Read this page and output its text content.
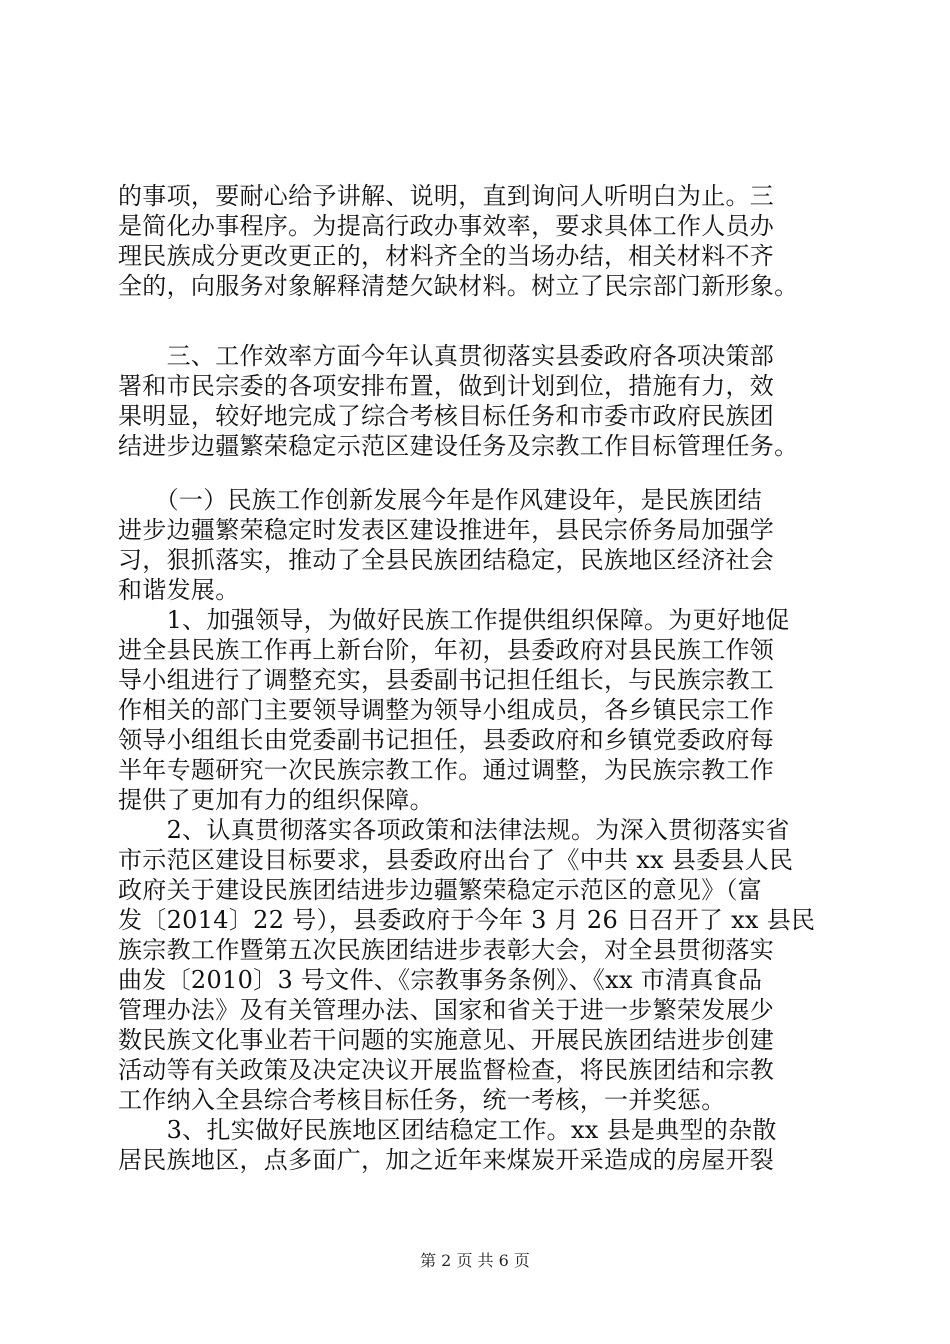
的事项，要耐心给予讲解、说明，直到询问人听明白为止。三
是简化办事程序。为提高行政办事效率，要求具体工作人员办
理民族成分更改更正的，材料齐全的当场办结，相关材料不齐
全的，向服务对象解释清楚欠缺材料。树立了民宗部门新形象。
　　三、工作效率方面今年认真贯彻落实县委政府各项决策部
署和市民宗委的各项安排布置，做到计划到位，措施有力，效
果明显，较好地完成了综合考核目标任务和市委市政府民族团
结进步边疆繁荣稳定示范区建设任务及宗教工作目标管理任务。
　　（一）民族工作创新发展今年是作风建设年，是民族团结
进步边疆繁荣稳定时发表区建设推进年，县民宗侨务局加强学
习，狠抓落实，推动了全县民族团结稳定，民族地区经济社会
和谐发展。
　　1、加强领导，为做好民族工作提供组织保障。为更好地促
进全县民族工作再上新台阶，年初，县委政府对县民族工作领
导小组进行了调整充实，县委副书记担任组长，与民族宗教工
作相关的部门主要领导调整为领导小组成员，各乡镇民宗工作
领导小组组长由党委副书记担任，县委政府和乡镇党委政府每
半年专题研究一次民族宗教工作。通过调整，为民族宗教工作
提供了更加有力的组织保障。
　　2、认真贯彻落实各项政策和法律法规。为深入贯彻落实省
市示范区建设目标要求，县委政府出台了《中共 xx 县委县人民
政府关于建设民族团结进步边疆繁荣稳定示范区的意见》（富
发〔2014〕22 号），县委政府于今年 3 月 26 日召开了 xx 县民
族宗教工作暨第五次民族团结进步表彰大会，对全县贯彻落实
曲发〔2010〕3 号文件、《宗教事务条例》、《xx 市清真食品
管理办法》及有关管理办法、国家和省关于进一步繁荣发展少
数民族文化事业若干问题的实施意见、开展民族团结进步创建
活动等有关政策及决定决议开展监督检查，将民族团结和宗教
工作纳入全县综合考核目标任务，统一考核，一并奖惩。
　　3、扎实做好民族地区团结稳定工作。xx 县是典型的杂散
居民族地区，点多面广，加之近年来煤炭开采造成的房屋开裂
第 2 页 共 6 页
